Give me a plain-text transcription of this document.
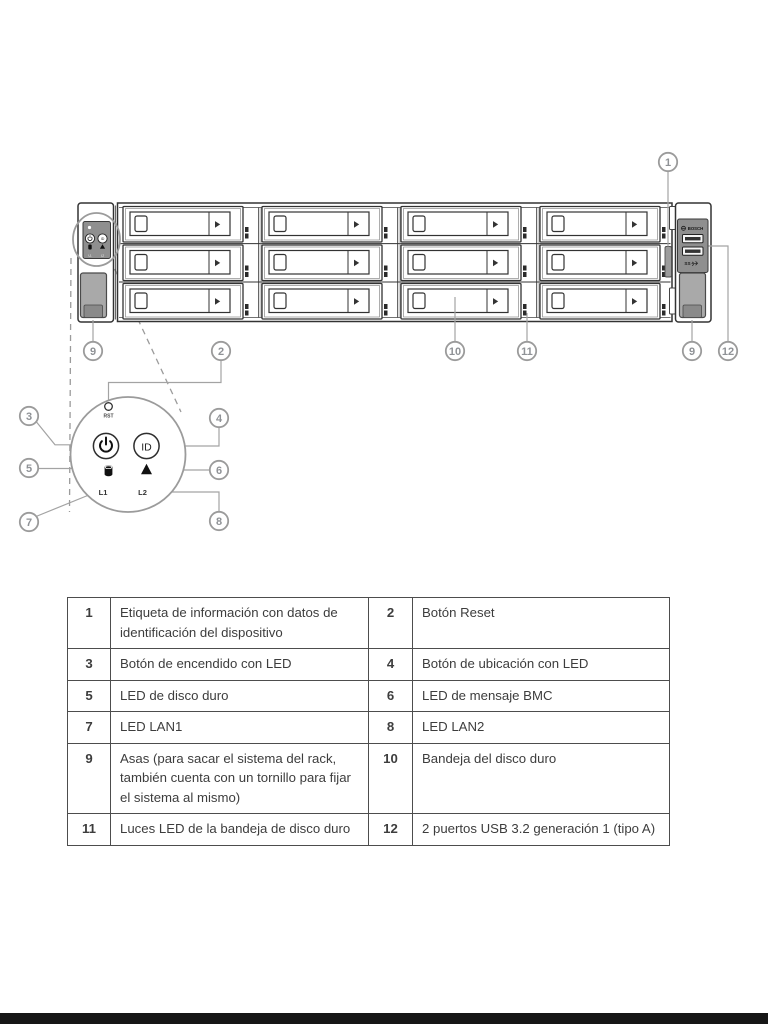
ID
L1	L2
BOSCH
SS
RST
ID
L1	L2
1
9	2	10	11	9 12
3	4
5	6
7	8
1	Etiqueta de información con datos de identificación del dispositivo	2	Botón Reset
3	Botón de encendido con LED	4	Botón de ubicación con LED
5	LED de disco duro	6	LED de mensaje BMC
7	LED LAN1	8	LED LAN2
9	Asas (para sacar el sistema del rack, también cuenta con un tornillo para fijar el sistema al mismo)	10	Bandeja del disco duro
11	Luces LED de la bandeja de disco duro	12	2 puertos USB 3.2 generación 1 (tipo A)
